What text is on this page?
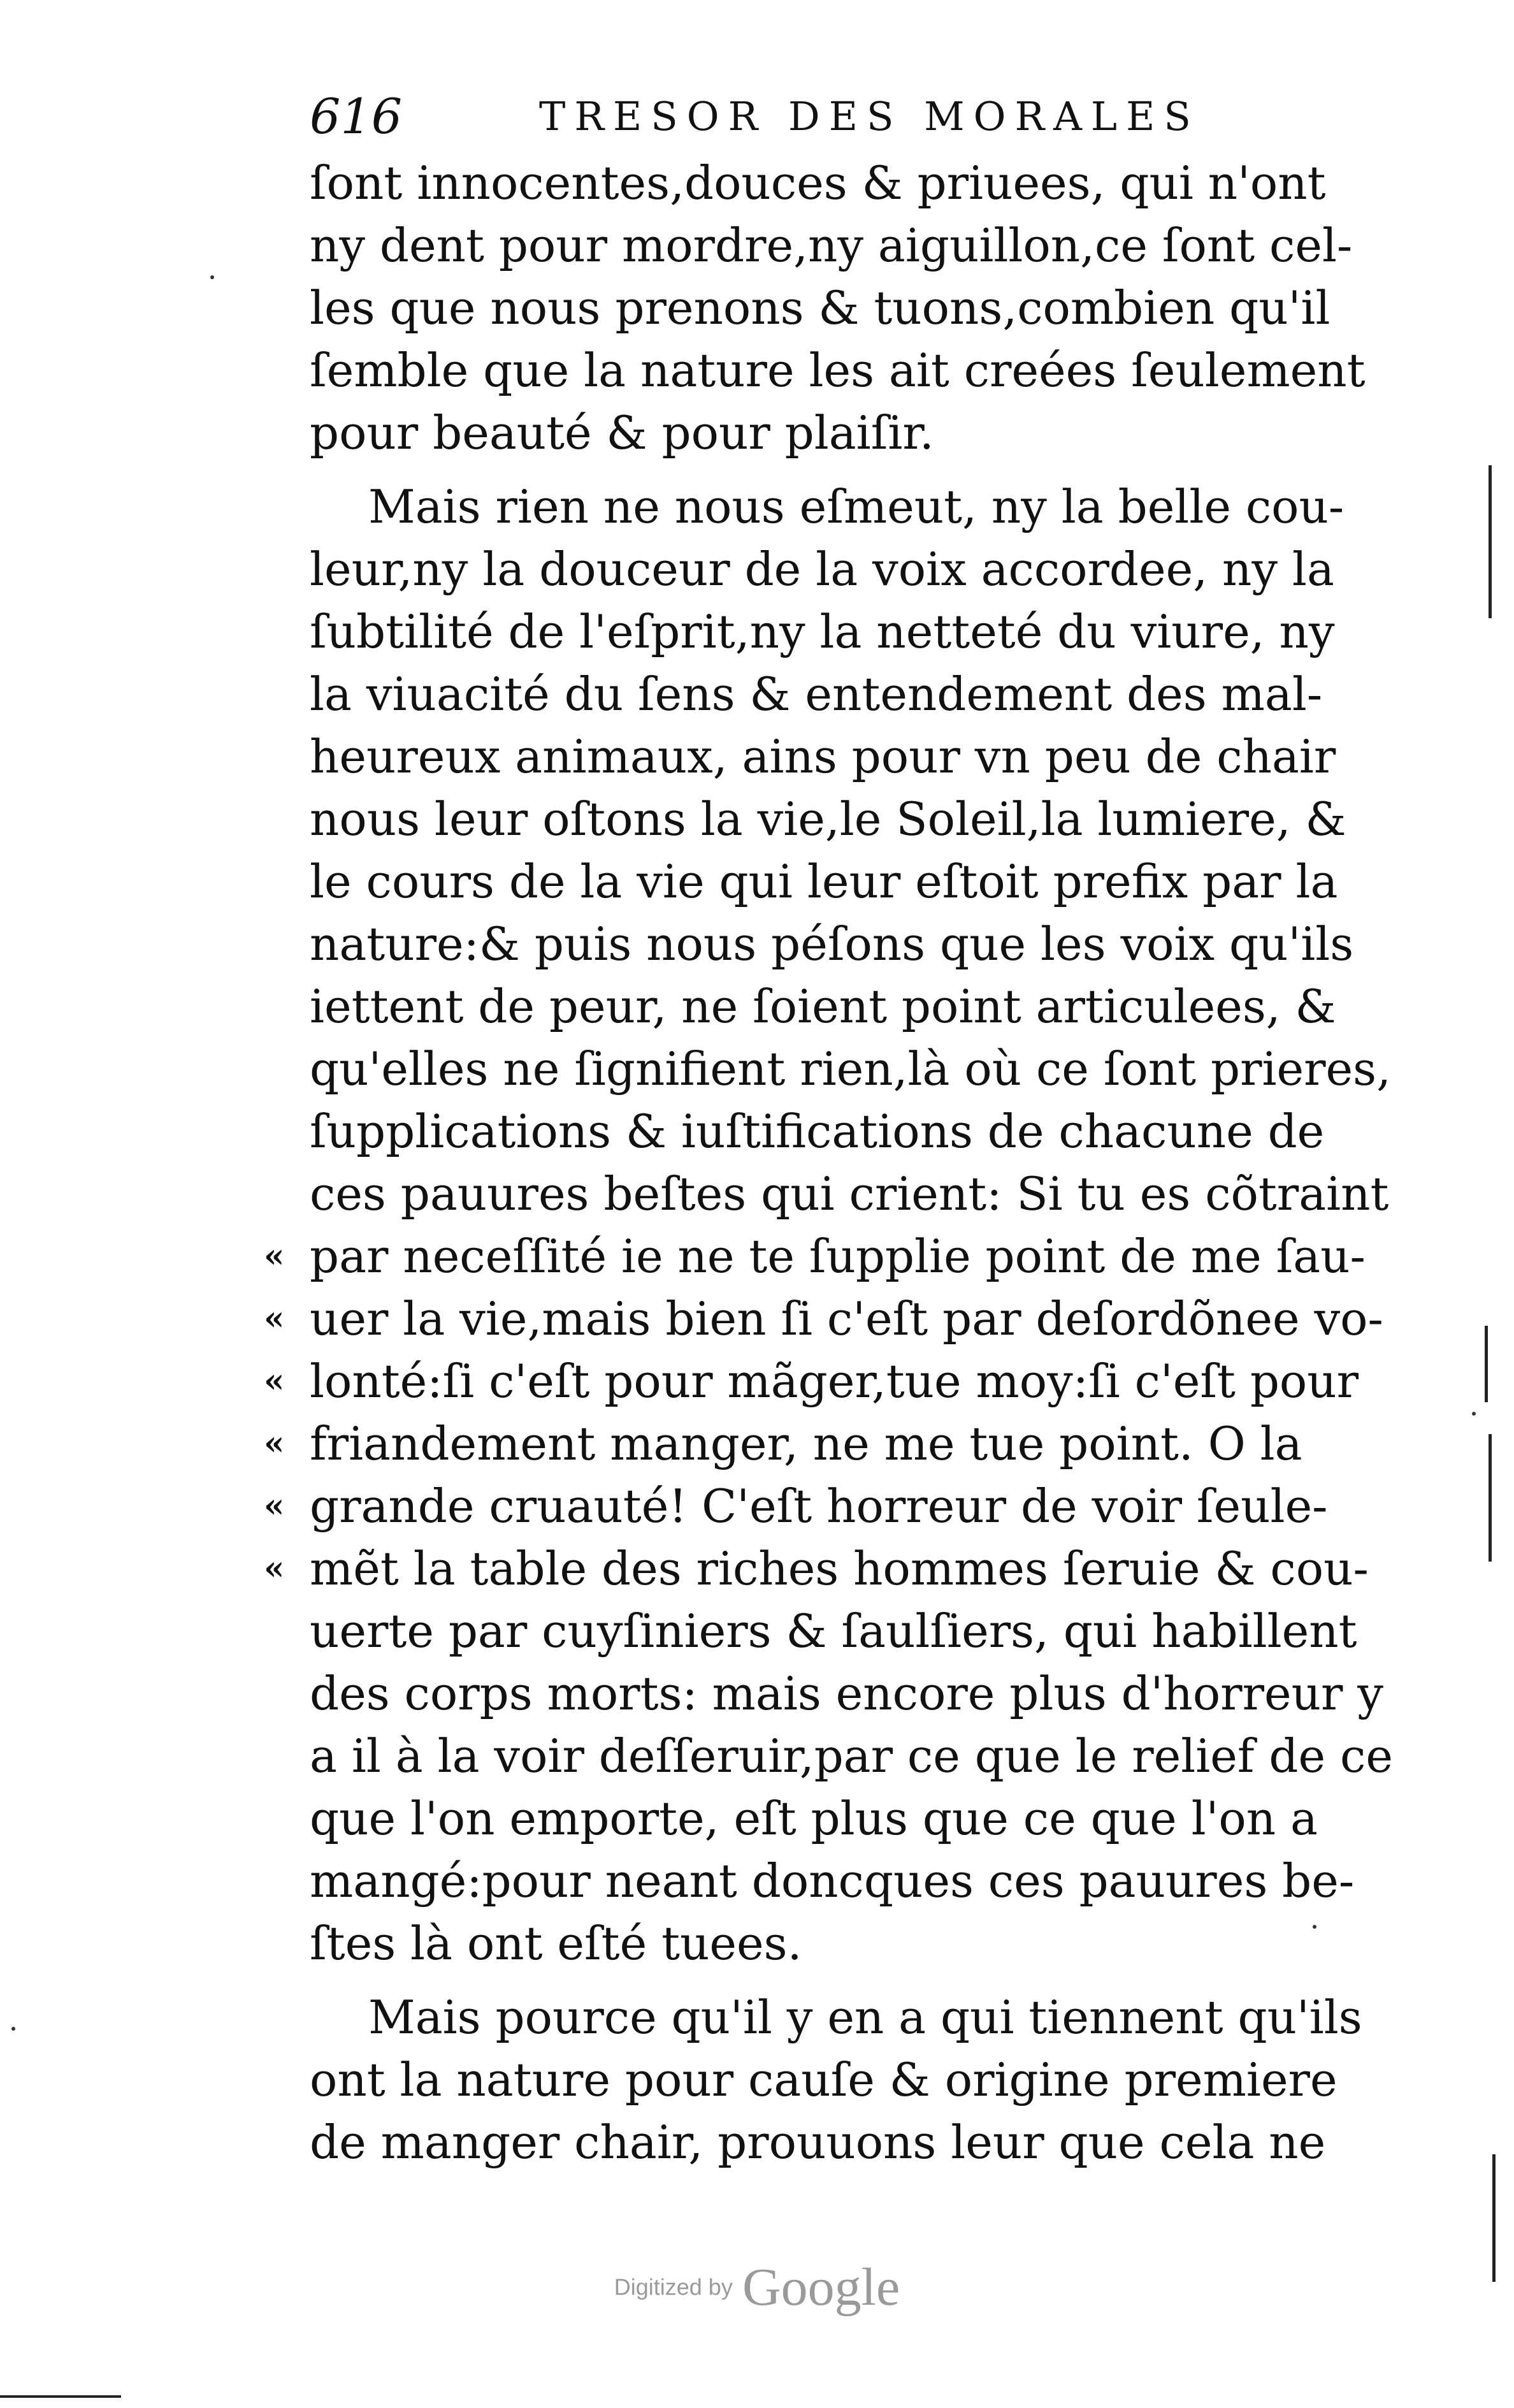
616	TRESOR DES MORALES
ſont innocentes,douces & priuees, qui n'ont
ny dent pour mordre,ny aiguillon,ce ſont cel-
les que nous prenons & tuons,combien qu'il
ſemble que la nature les ait creées ſeulement
pour beauté & pour plaiſir.
Mais rien ne nous eſmeut, ny la belle cou-
leur,ny la douceur de la voix accordee, ny la
ſubtilité de l'eſprit,ny la netteté du viure, ny
la viuacité du ſens & entendement des mal-
heureux animaux, ains pour vn peu de chair
nous leur oſtons la vie,le Soleil,la lumiere, &
le cours de la vie qui leur eſtoit prefix par la
nature:& puis nous péſons que les voix qu'ils
iettent de peur, ne ſoient point articulees, &
qu'elles ne ſignifient rien,là où ce ſont prieres,
ſupplications & iuſtifications de chacune de
ces pauures beſtes qui crient: Si tu es cõtraint
« par neceſſité ie ne te ſupplie point de me ſau-
« uer la vie,mais bien ſi c'eſt par deſordõnee vo-
« lonté:ſi c'eſt pour mãger,tue moy:ſi c'eſt pour
« friandement manger, ne me tue point. O la
« grande cruauté! C'eſt horreur de voir ſeule-
« mẽt la table des riches hommes ſeruie & cou-
uerte par cuyſiniers & ſaulſiers, qui habillent
des corps morts: mais encore plus d'horreur y
a il à la voir deſſeruir,par ce que le relief de ce
que l'on emporte, eſt plus que ce que l'on a
mangé:pour neant doncques ces pauures be-
ſtes là ont eſté tuees.
Mais pource qu'il y en a qui tiennent qu'ils
ont la nature pour cauſe & origine premiere
de manger chair, prouuons leur que cela ne
Digitized by Google
